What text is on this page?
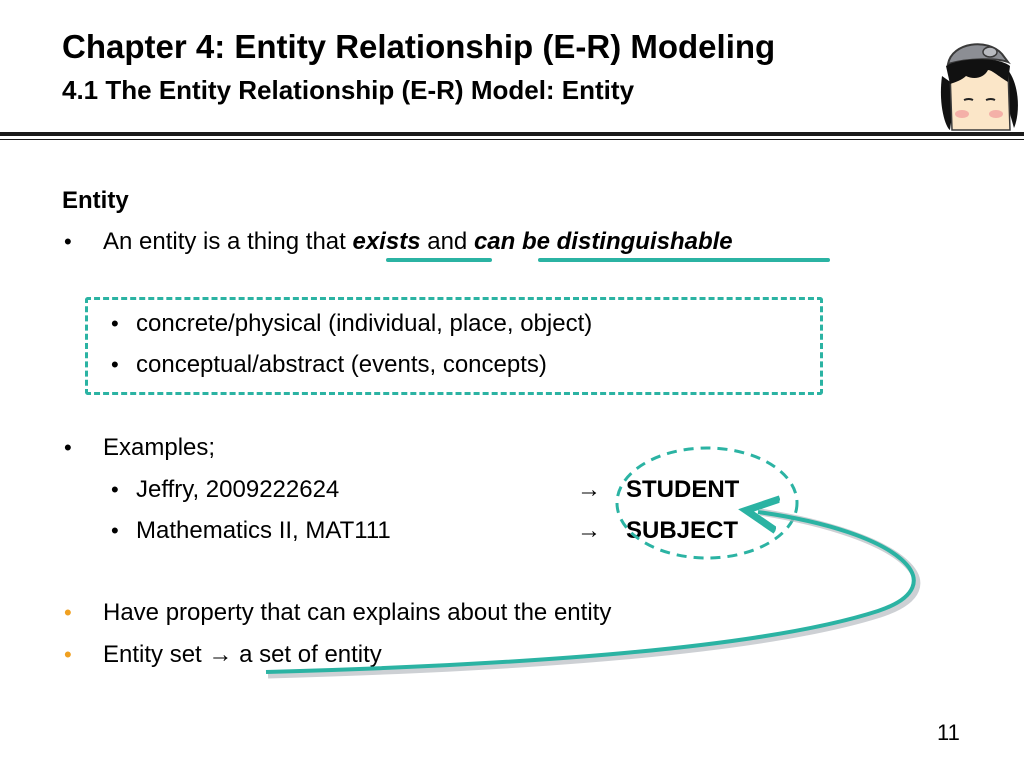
Chapter 4: Entity Relationship (E-R) Modeling
4.1 The Entity Relationship (E-R) Model: Entity
Entity
• An entity is a thing that exists and can be distinguishable
• concrete/physical (individual, place, object)
• conceptual/abstract (events, concepts)
• Examples;
• Jeffry, 2009222624	→ STUDENT
• Mathematics II, MAT111	→ SUBJECT
• Have property that can explains about the entity
• Entity set → a set of entity
11
